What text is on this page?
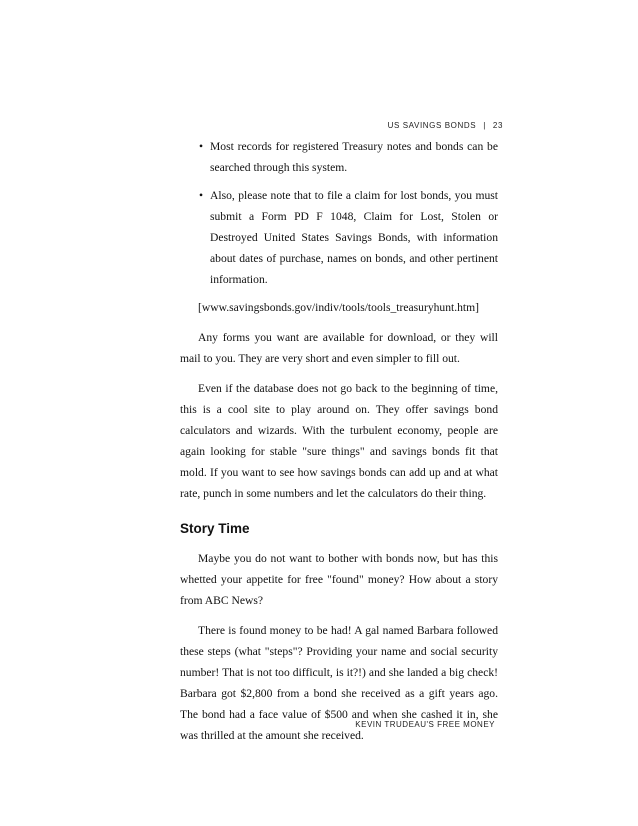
US SAVINGS BONDS | 23
• Most records for registered Treasury notes and bonds can be searched through this system.
• Also, please note that to file a claim for lost bonds, you must submit a Form PD F 1048, Claim for Lost, Stolen or Destroyed United States Savings Bonds, with information about dates of purchase, names on bonds, and other pertinent information.

[www.savingsbonds.gov/indiv/tools/tools_treasuryhunt.htm]

Any forms you want are available for download, or they will mail to you. They are very short and even simpler to fill out.

Even if the database does not go back to the beginning of time, this is a cool site to play around on. They offer savings bond calculators and wizards. With the turbulent economy, people are again looking for stable "sure things" and savings bonds fit that mold. If you want to see how savings bonds can add up and at what rate, punch in some numbers and let the calculators do their thing.

Story Time

Maybe you do not want to bother with bonds now, but has this whetted your appetite for free "found" money? How about a story from ABC News?

There is found money to be had! A gal named Barbara followed these steps (what "steps"? Providing your name and social security number! That is not too difficult, is it?!) and she landed a big check! Barbara got $2,800 from a bond she received as a gift years ago. The bond had a face value of $500 and when she cashed it in, she was thrilled at the amount she received.

KEVIN TRUDEAU'S FREE MONEY
